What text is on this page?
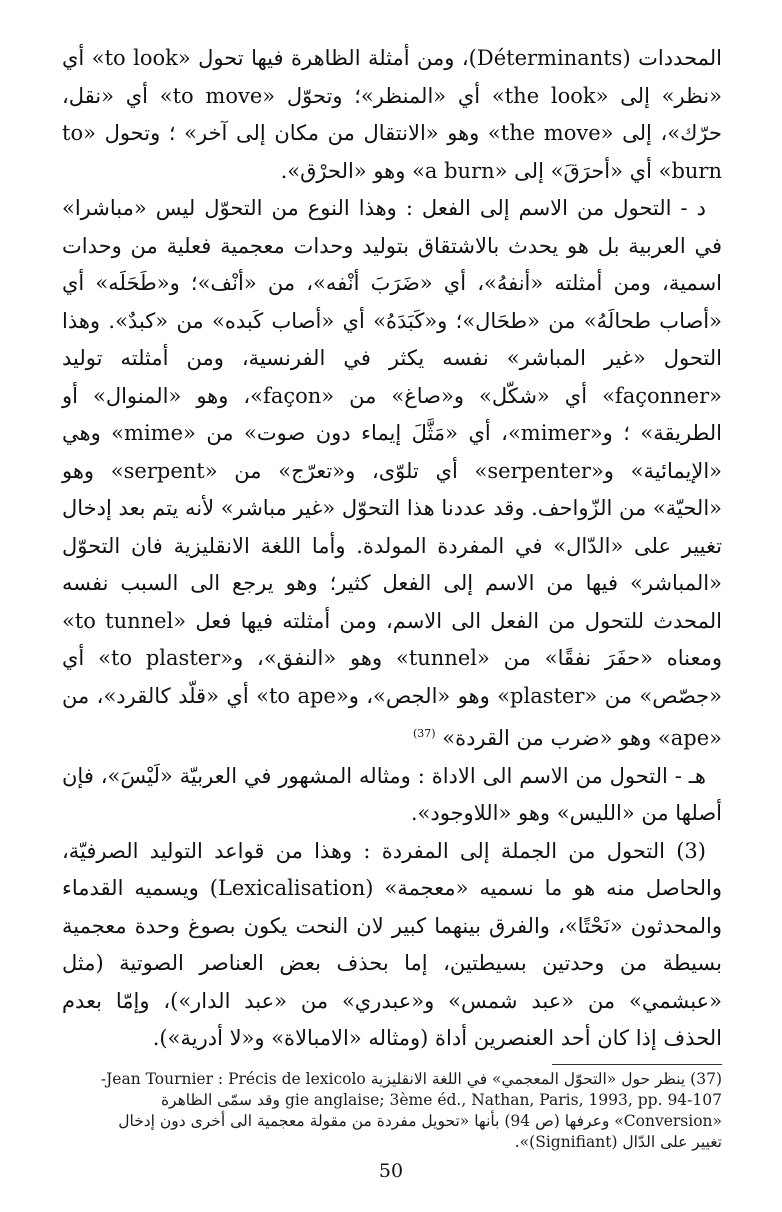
المحددات (Déterminants)، ومن أمثلة الظاهرة فيها تحول «to look» أي «نظر» إلى «the look» أي «المنظر»؛ وتحوّل «to move» أي «نقل، حرّك»، إلى «the move» وهو «الانتقال من مكان إلى آخر» ؛ وتحول «to burn» أي «أحرَقَ» إلى «a burn» وهو «الحرْق».

د - التحول من الاسم إلى الفعل : وهذا النوع من التحوّل ليس «مباشرا» في العربية بل هو يحدث بالاشتقاق بتوليد وحدات معجمية فعلية من وحدات اسمية، ومن أمثلته «أنفهُ»، أي «ضَرَبَ أنْفه»، من «أنْف»؛ و«طَحَلَه» أي «أصاب طحالَهُ» من «طحَال»؛ و«كَبَدَهُ» أي «أصاب كَبده» من «كبدٌ». وهذا التحول «غير المباشر» نفسه يكثر في الفرنسية، ومن أمثلته توليد «façonner» أي «شكّل» و«صاغ» من «façon»، وهو «المنوال» أو الطريقة» ؛ و«mimer»، أي «مَثَّلَ إيماء دون صوت» من «mime» وهي «الإيمائية» و«serpenter» أي تلوّى، و«تعرّج» من «serpent» وهو «الحيّة» من الزّواحف. وقد عددنا هذا التحوّل «غير مباشر» لأنه يتم بعد إدخال تغيير على «الدّال» في المفردة المولدة. وأما اللغة الانقليزية فان التحوّل «المباشر» فيها من الاسم إلى الفعل كثير؛ وهو يرجع الى السبب نفسه المحدث للتحول من الفعل الى الاسم، ومن أمثلته فيها فعل «to tunnel» ومعناه «حفَرَ نفقًا» من «tunnel» وهو «النفق»، و«to plaster» أي «جصّص» من «plaster» وهو «الجص»، و«to ape» أي «قلّد كالقرد»، من «ape» وهو «ضرب من القردة» $^{(37)}$

هـ - التحول من الاسم الى الاداة : ومثاله المشهور في العربيّة «لَيْسَ»، فإن أصلها من «الليس» وهو «اللاوجود».

(3) التحول من الجملة إلى المفردة : وهذا من قواعد التوليد الصرفيّة، والحاصل منه هو ما نسميه «معجمة» (Lexicalisation) ويسميه القدماء والمحدثون «نَحْتًا»، والفرق بينهما كبير لان النحت يكون بصوغ وحدة معجمية بسيطة من وحدتين بسيطتين، إما بحذف بعض العناصر الصوتية (مثل «عبشمي» من «عبد شمس» و«عبدري» من «عبد الدار»)، وإمّا بعدم الحذف إذا كان أحد العنصرين أداة (ومثاله «الامبالاة» و«لا أدرية»).

(37) ينظر حول «التحوّل المعجمي» في اللغة الانقليزية Jean Tournier : Précis de lexicolo-

gie anglaise; 3ème éd., Nathan, Paris, 1993, pp. 94-107 وقد سمّى الظاهرة

«Conversion» وعرفها (ص 94) بأنها «تحويل مفردة من مقولة معجمية الى أخرى دون إدخال

تغيير على الدّال (Signifiant)».

50
